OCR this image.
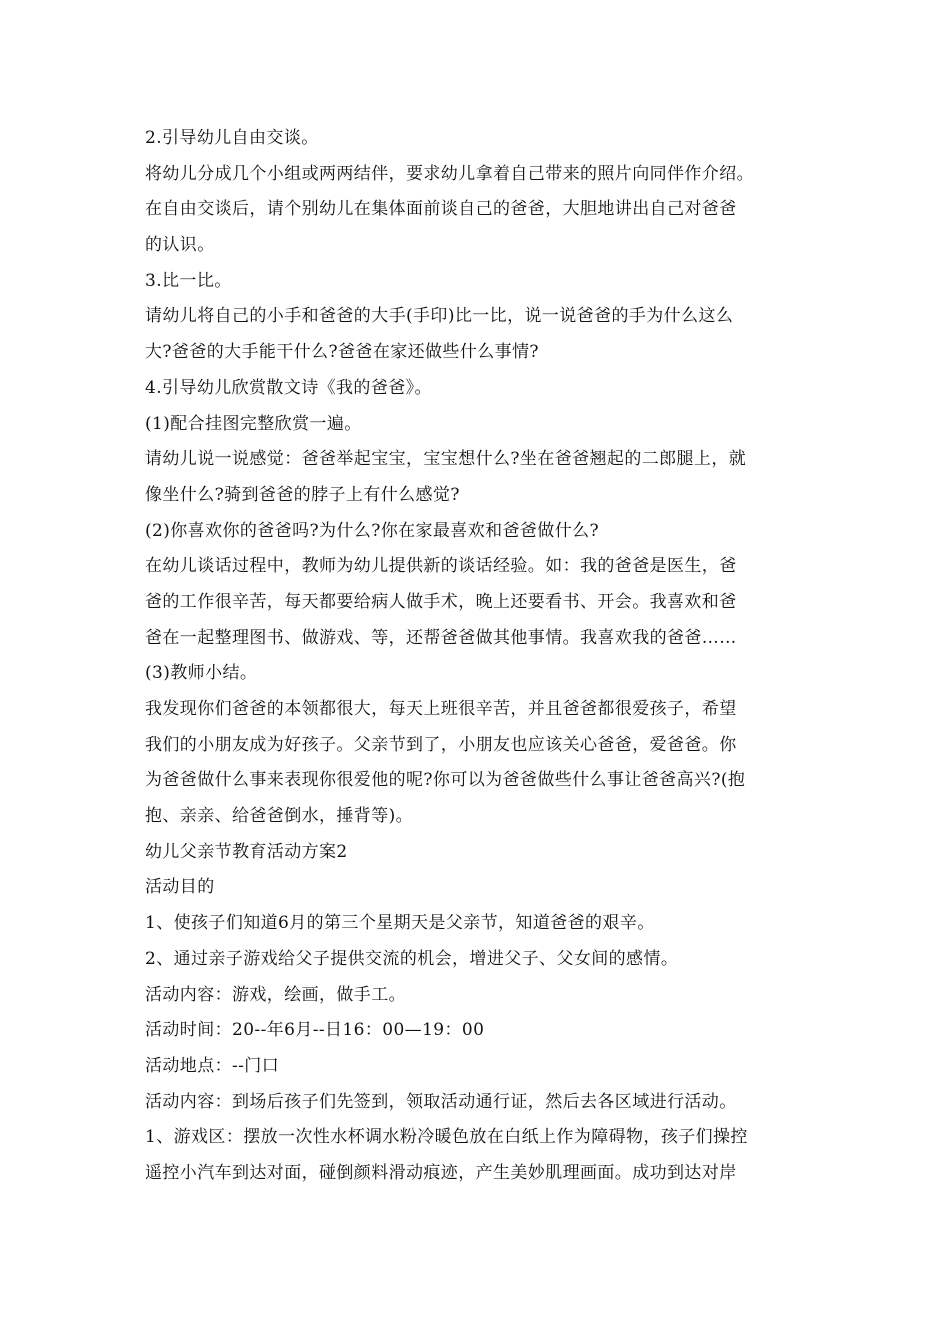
2.引导幼儿自由交谈。
将幼儿分成几个小组或两两结伴，要求幼儿拿着自己带来的照片向同伴作介绍。
在自由交谈后，请个别幼儿在集体面前谈自己的爸爸，大胆地讲出自己对爸爸
的认识。
3.比一比。
请幼儿将自己的小手和爸爸的大手(手印)比一比，说一说爸爸的手为什么这么
大?爸爸的大手能干什么?爸爸在家还做些什么事情?
4.引导幼儿欣赏散文诗《我的爸爸》。
(1)配合挂图完整欣赏一遍。
请幼儿说一说感觉：爸爸举起宝宝，宝宝想什么?坐在爸爸翘起的二郎腿上，就
像坐什么?骑到爸爸的脖子上有什么感觉?
(2)你喜欢你的爸爸吗?为什么?你在家最喜欢和爸爸做什么?
在幼儿谈话过程中，教师为幼儿提供新的谈话经验。如：我的爸爸是医生，爸
爸的工作很辛苦，每天都要给病人做手术，晚上还要看书、开会。我喜欢和爸
爸在一起整理图书、做游戏、等，还帮爸爸做其他事情。我喜欢我的爸爸……
(3)教师小结。
我发现你们爸爸的本领都很大，每天上班很辛苦，并且爸爸都很爱孩子，希望
我们的小朋友成为好孩子。父亲节到了，小朋友也应该关心爸爸，爱爸爸。你
为爸爸做什么事来表现你很爱他的呢?你可以为爸爸做些什么事让爸爸高兴?(抱
抱、亲亲、给爸爸倒水，捶背等)。
幼儿父亲节教育活动方案2
活动目的
1、使孩子们知道6月的第三个星期天是父亲节，知道爸爸的艰辛。
2、通过亲子游戏给父子提供交流的机会，增进父子、父女间的感情。
活动内容：游戏，绘画，做手工。
活动时间：20--年6月--日16：00—19：00
活动地点：--门口
活动内容：到场后孩子们先签到，领取活动通行证，然后去各区域进行活动。
1、游戏区：摆放一次性水杯调水粉冷暖色放在白纸上作为障碍物，孩子们操控
遥控小汽车到达对面，碰倒颜料滑动痕迹，产生美妙肌理画面。成功到达对岸
